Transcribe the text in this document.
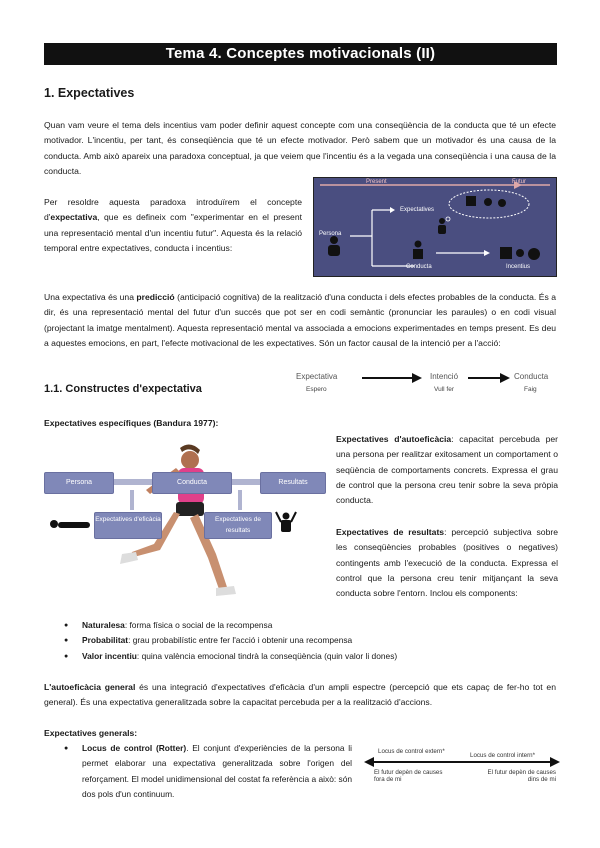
Tema 4. Conceptes motivacionals (II)
1. Expectatives
Quan vam veure el tema dels incentius vam poder definir aquest concepte com una conseqüència de la conducta que té un efecte motivador. L'incentiu, per tant, és conseqüència que té un efecte motivador. Però sabem que un motivador és una causa de la conducta. Amb això apareix una paradoxa conceptual, ja que veiem que l'incentiu és a la vegada una conseqüència i una causa de la conducta.
Per resoldre aquesta paradoxa introduïrem el concepte d'expectativa, que es defineix com "experimentar en el present una representació mental d'un incentiu futur". Aquesta és la relació temporal entre expectatives, conducta i incentius:
Present	Futur
Persona
Expectatives
Conducta	Incentius
Una expectativa és una predicció (anticipació cognitiva) de la realització d'una conducta i dels efectes probables de la conducta. És a dir, és una representació mental del futur d'un succés que pot ser en codi semàntic (pronunciar les paraules) o en codi visual (projectant la imatge mentalment). Aquesta representació mental va associada a emocions experimentades en temps present. Es deu a aquestes emocions, en part, l'efecte motivacional de les expectatives. Són un factor causal de la intenció per a l'acció:
Expectativa	Intenció	Conducta
Espero	Vull fer	Faig
1.1. Constructes d'expectativa
Expectatives específiques (Bandura 1977):
Persona	Conducta	Resultats
Expectatives d'eficàcia	Expectatives de resultats
Expectatives d'autoeficàcia: capacitat percebuda per una persona per realitzar exitosament un comportament o seqüència de comportaments concrets. Expressa el grau de control que la persona creu tenir sobre la seva pròpia conducta.
Expectatives de resultats: percepció subjectiva sobre les conseqüències probables (positives o negatives) contingents amb l'execució de la conducta. Expressa el control que la persona creu tenir mitjançant la seva conducta sobre l'entorn. Inclou els components:
● Naturalesa: forma física o social de la recompensa
● Probabilitat: grau probabilístic entre fer l'acció i obtenir una recompensa
● Valor incentiu: quina valència emocional tindrà la conseqüència (quin valor li dones)
L'autoeficàcia general és una integració d'expectatives d'eficàcia d'un ampli espectre (percepció que ets capaç de fer-ho tot en general). És una expectativa generalitzada sobre la capacitat percebuda per a la realització d'accions.
Expectatives generals:
● Locus de control (Rotter). El conjunt d'experiències de la persona li permet elaborar una expectativa generalitzada sobre l'origen del reforçament. El model unidimensional del costat fa referència a això: són dos pols d'un continuum.
Locus de control extern*
Locus de control intern*
El futur depèn de causes fora de mi
El futur depèn de causes dins de mi
